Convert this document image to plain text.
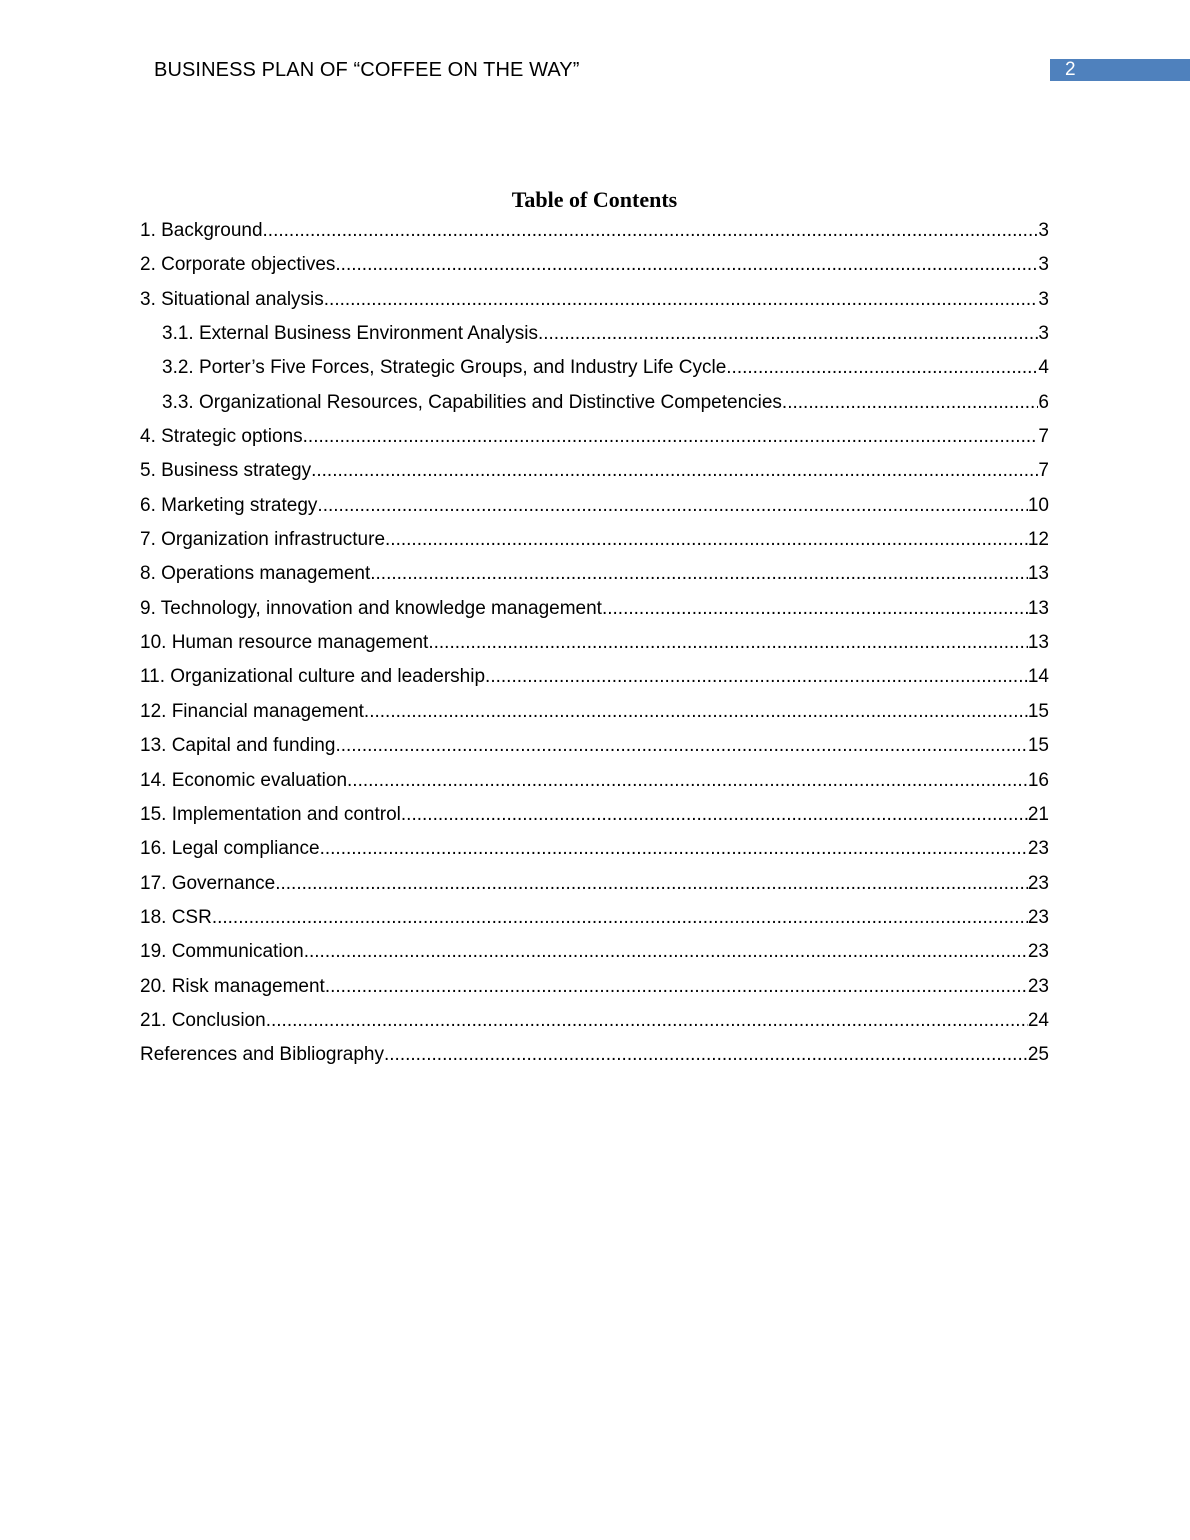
BUSINESS PLAN OF “COFFEE ON THE WAY”	2
Table of Contents
1. Background .....	3
2. Corporate objectives .....	3
3. Situational analysis .....	3
3.1. External Business Environment Analysis .....	3
3.2. Porter’s Five Forces, Strategic Groups, and Industry Life Cycle .....	4
3.3. Organizational Resources, Capabilities and Distinctive Competencies .....	6
4. Strategic options .....	7
5. Business strategy .....	7
6. Marketing strategy .....	10
7. Organization infrastructure .....	12
8. Operations management .....	13
9. Technology, innovation and knowledge management .....	13
10. Human resource management .....	13
11. Organizational culture and leadership .....	14
12. Financial management .....	15
13. Capital and funding .....	15
14. Economic evaluation .....	16
15. Implementation and control .....	21
16. Legal compliance .....	23
17. Governance .....	23
18. CSR .....	23
19. Communication .....	23
20. Risk management .....	23
21. Conclusion .....	24
References and Bibliography .....	25
